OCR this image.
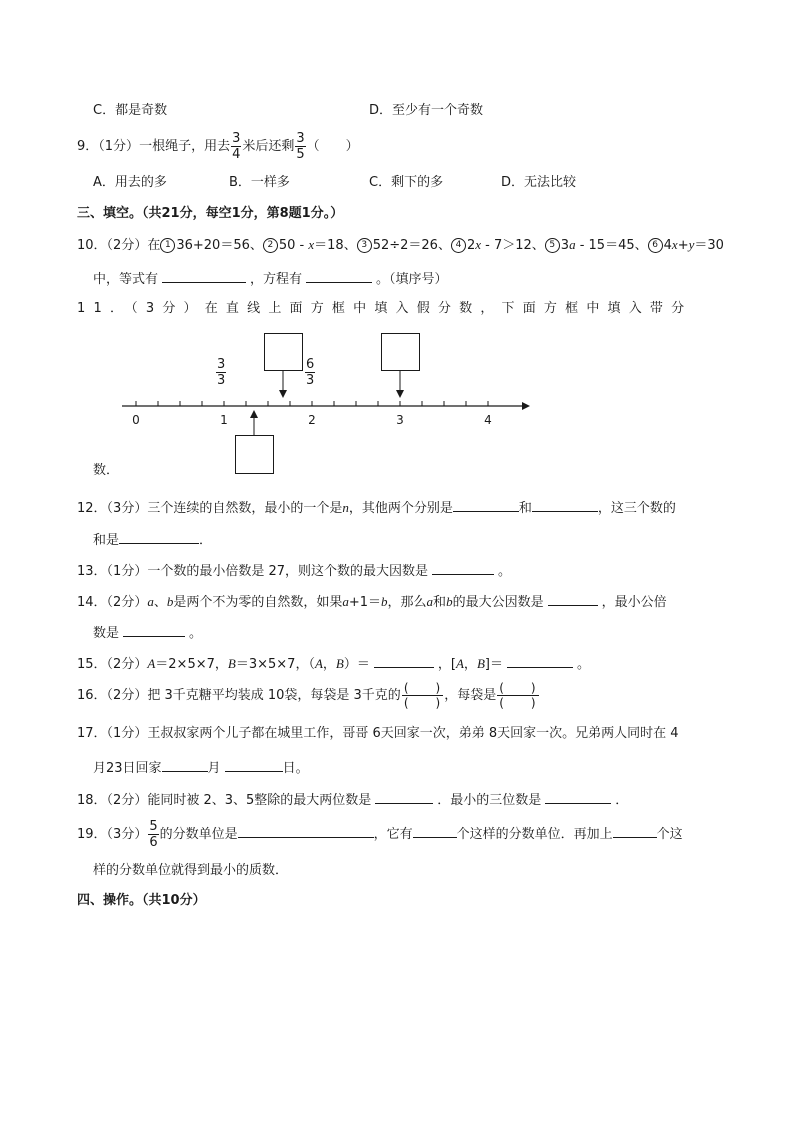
C．都是奇数	D．至少有一个奇数
9．（1分）一根绳子，用去 $\frac{3}{4}$ 米后还剩 $\frac{3}{5}$ （　　）
A．用去的多	B．一样多	C．剩下的多	D．无法比较
三、填空。（共21分，每空1分，第8题1分。）
10．（2分）在 1 36+20＝56、 2 50 - x＝18、 3 52÷2＝26、 4 2x - 7＞12、 5 3a - 15＝45、 6 4x+y＝30
中，等式有	，方程有	。（填序号）
11．（3分）在直线上面方框中填入假分数，下面方框中填入带分
$\frac{3}{3}$	$\frac{6}{3}$
0	1	2	3	4
数．
12．（3分）三个连续的自然数，最小的一个是n，其他两个分别是	和	，这三个数的
和是	．
13．（1分）一个数的最小倍数是 27，则这个数的最大因数是	。
14．（2分）a、b是两个不为零的自然数，如果a+1＝b，那么a和b的最大公因数是	，最小公倍
数是	。
15．（2分）A＝2×5×7，B＝3×5×7，（A，B）＝	，[A，B]＝	。
16．（2分）把 3千克糖平均装成 10袋，每袋是 3千克的 $\frac{( )}{( )}$ ，每袋是 $\frac{( )}{( )}$
17．（1分）王叔叔家两个儿子都在城里工作，哥哥 6天回家一次，弟弟 8天回家一次。兄弟两人同时在 4
月23日回家	月	日。
18．（2分）能同时被 2、3、5整除的最大两位数是	．最小的三位数是	．
19．（3分） $\frac{5}{6}$ 的分数单位是	，它有	个这样的分数单位．再加上	个这
样的分数单位就得到最小的质数．
四、操作。（共10分）
